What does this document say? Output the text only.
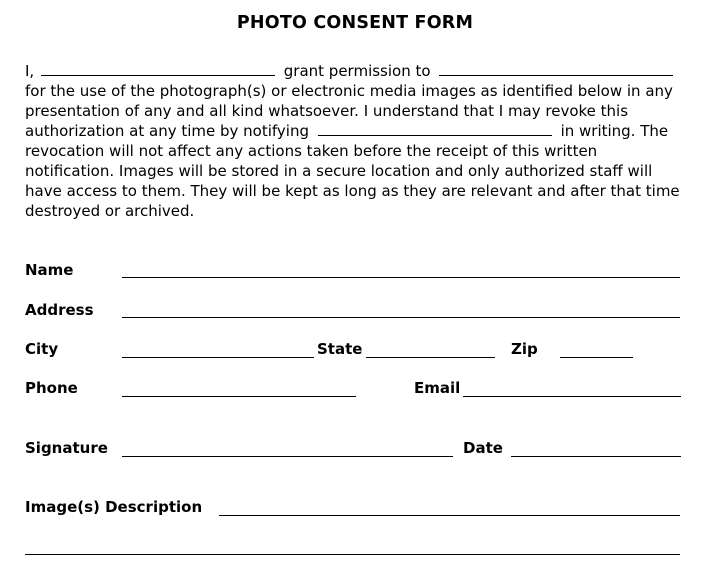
PHOTO CONSENT FORM
I,	grant permission to
for the use of the photograph(s) or electronic media images as identified below in any
presentation of any and all kind whatsoever. I understand that I may revoke this
authorization at any time by notifying	in writing. The
revocation will not affect any actions taken before the receipt of this written
notification. Images will be stored in a secure location and only authorized staff will
have access to them. They will be kept as long as they are relevant and after that time
destroyed or archived.
Name
Address
City	State	Zip
Phone	Email
Signature	Date
Image(s) Description
